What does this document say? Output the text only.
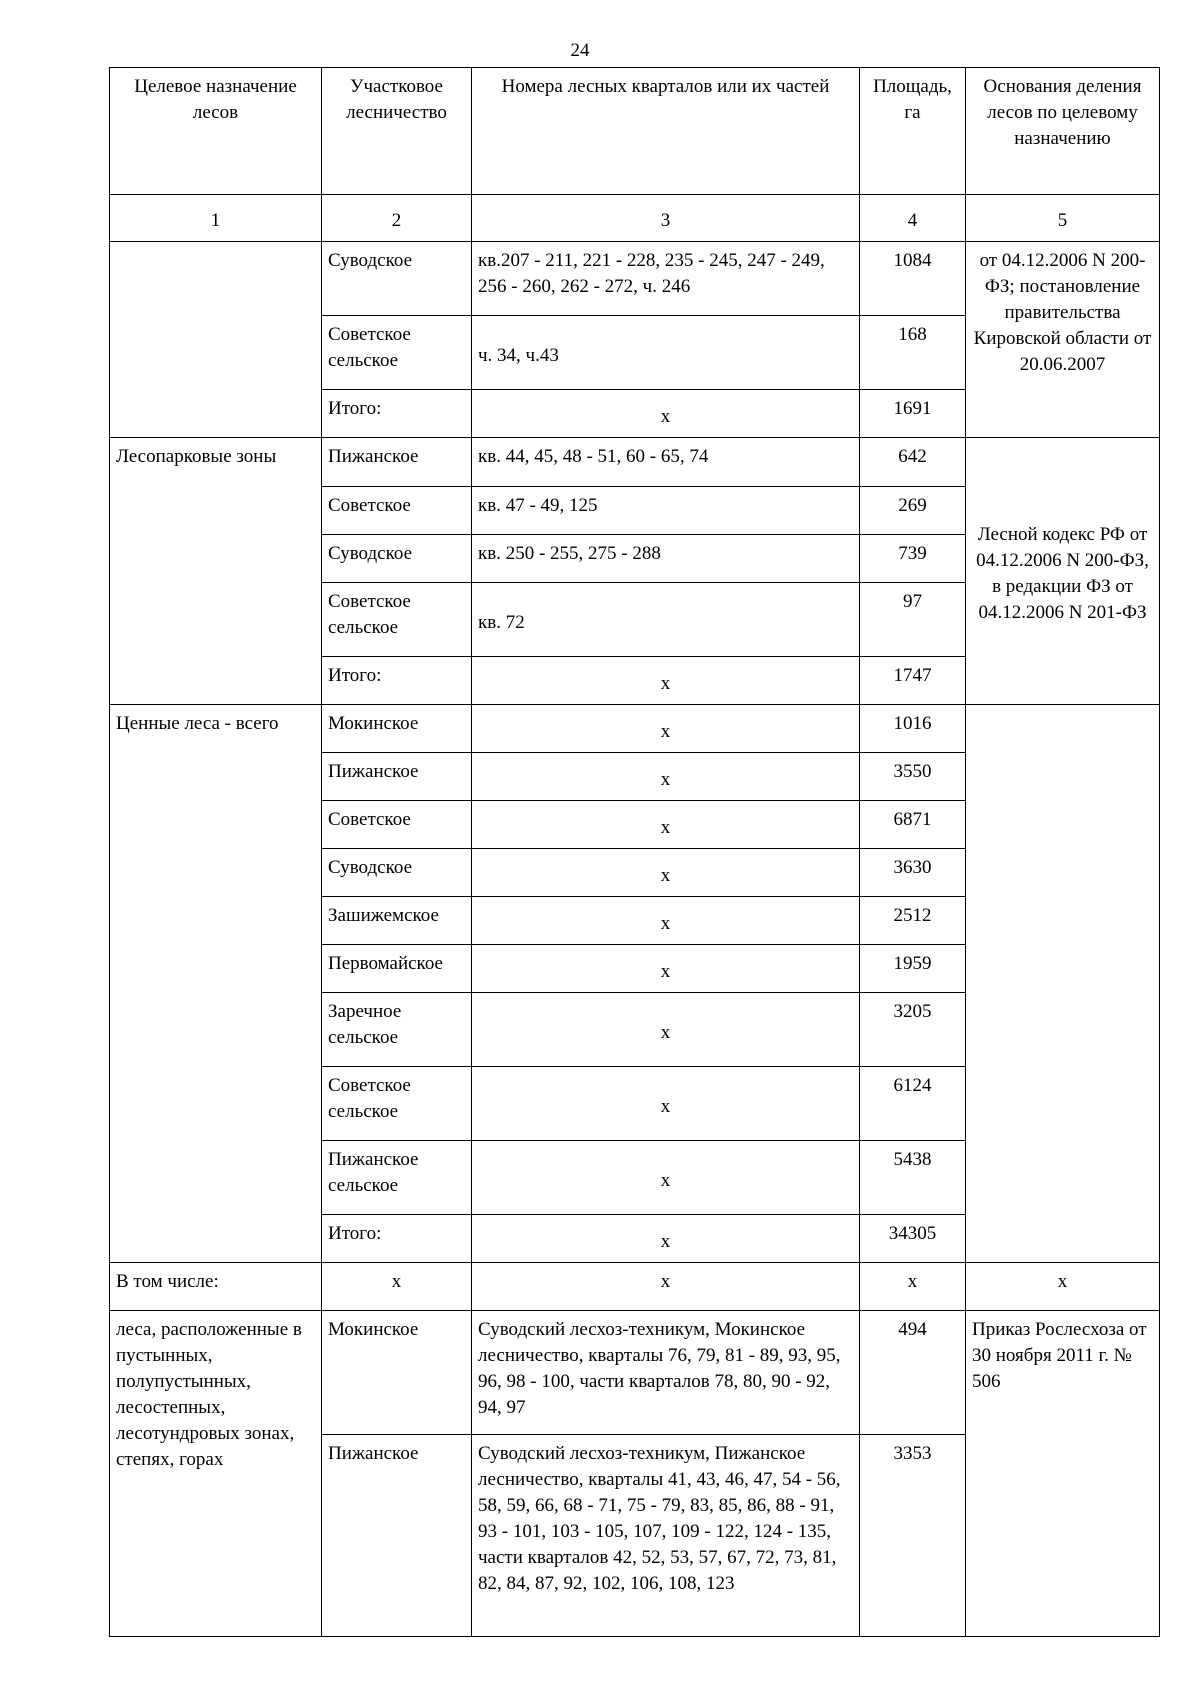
24
Целевое назначение лесов	Участковое лесничество	Номера лесных кварталов или их частей	Площадь, га	Основания деления лесов по целевому назначению
1	2	3	4	5
	Суводское	кв.207 - 211, 221 - 228, 235 - 245, 247 - 249, 256 - 260, 262 - 272, ч. 246	1084	от 04.12.2006 N 200-ФЗ; постановление правительства Кировской области от 20.06.2007
	Советское сельское	ч. 34, ч.43	168	
	Итого:	х	1691	
Лесопарковые зоны	Пижанское	кв. 44, 45, 48 - 51, 60 - 65, 74	642	Лесной кодекс РФ от 04.12.2006 N 200-ФЗ, в редакции ФЗ от 04.12.2006 N 201-ФЗ
	Советское	кв. 47 - 49, 125	269	
	Суводское	кв. 250 - 255, 275 - 288	739	
	Советское сельское	кв. 72	97	
	Итого:	х	1747	
Ценные леса - всего	Мокинское	х	1016	
	Пижанское	х	3550	
	Советское	х	6871	
	Суводское	х	3630	
	Зашижемское	х	2512	
	Первомайское	х	1959	
	Заречное сельское	х	3205	
	Советское сельское	х	6124	
	Пижанское сельское	х	5438	
	Итого:	х	34305	
В том числе:	х	х	х	х
леса, расположенные в пустынных, полупустынных, лесостепных, лесотундровых зонах, степях, горах	Мокинское	Суводский лесхоз-техникум, Мокинское лесничество, кварталы 76, 79, 81 - 89, 93, 95, 96, 98 - 100, части кварталов 78, 80, 90 - 92, 94, 97	494	Приказ Рослесхоза от 30 ноября 2011 г. № 506
	Пижанское	Суводский лесхоз-техникум, Пижанское лесничество, кварталы 41, 43, 46, 47, 54 - 56, 58, 59, 66, 68 - 71, 75 - 79, 83, 85, 86, 88 - 91, 93 - 101, 103 - 105, 107, 109 - 122, 124 - 135, части кварталов 42, 52, 53, 57, 67, 72, 73, 81, 82, 84, 87, 92, 102, 106, 108, 123	3353	
